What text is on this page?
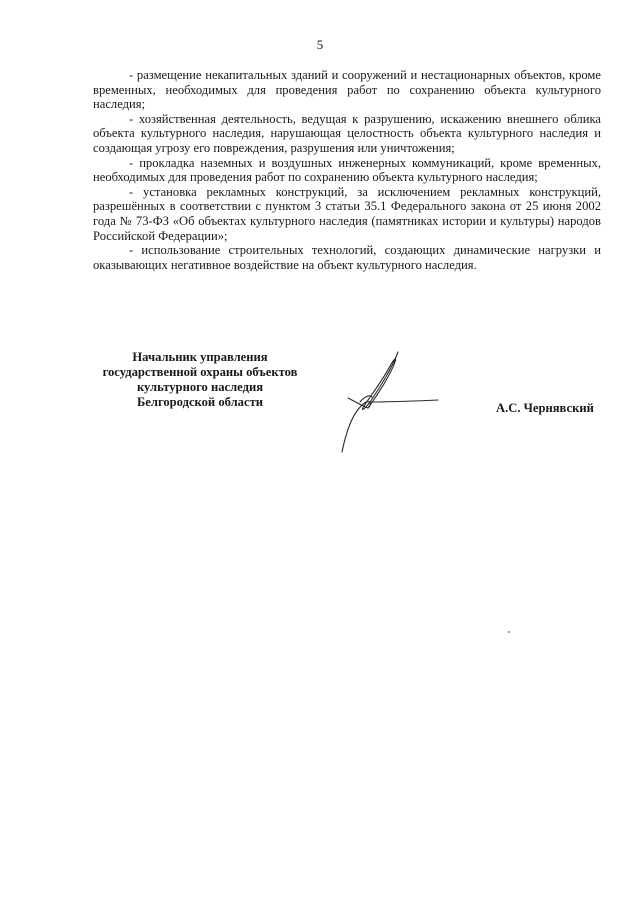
5

- размещение некапитальных зданий и сооружений и нестационарных объектов, кроме временных, необходимых для проведения работ по сохранению объекта культурного наследия;

- хозяйственная деятельность, ведущая к разрушению, искажению внешнего облика объекта культурного наследия, нарушающая целостность объекта культурного наследия и создающая угрозу его повреждения, разрушения или уничтожения;

- прокладка наземных и воздушных инженерных коммуникаций, кроме временных, необходимых для проведения работ по сохранению объекта культурного наследия;

- установка рекламных конструкций, за исключением рекламных конструкций, разрешённых в соответствии с пунктом 3 статьи 35.1 Федерального закона от 25 июня 2002 года № 73-ФЗ «Об объектах культурного наследия (памятниках истории и культуры) народов Российской Федерации»;

- использование строительных технологий, создающих динамические нагрузки и оказывающих негативное воздействие на объект культурного наследия.

Начальник управления
государственной охраны объектов
культурного наследия
Белгородской области	А.С. Чернявский
